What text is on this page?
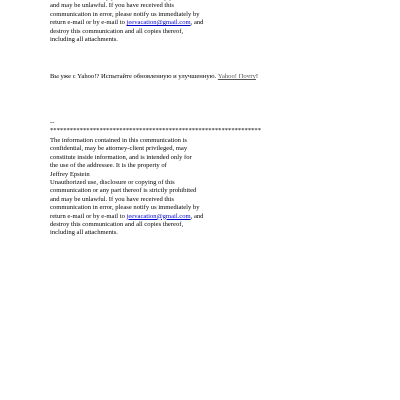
and may be unlawful. If you have received this
communication in error, please notify us immediately by
return e-mail or by e-mail to jeevacation@gmail.com, and
destroy this communication and all copies thereof,
including all attachments.
Вы уже с Yahoo!? Испытайте обновленную и улучшенную. Yahoo! Почту!
--
****************************************************************
The information contained in this communication is
confidential, may be attorney-client privileged, may
constitute inside information, and is intended only for
the use of the addressee. It is the property of
Jeffrey Epstein
Unauthorized use, disclosure or copying of this
communication or any part thereof is strictly prohibited
and may be unlawful. If you have received this
communication in error, please notify us immediately by
return e-mail or by e-mail to jeevacation@gmail.com, and
destroy this communication and all copies thereof,
including all attachments.
